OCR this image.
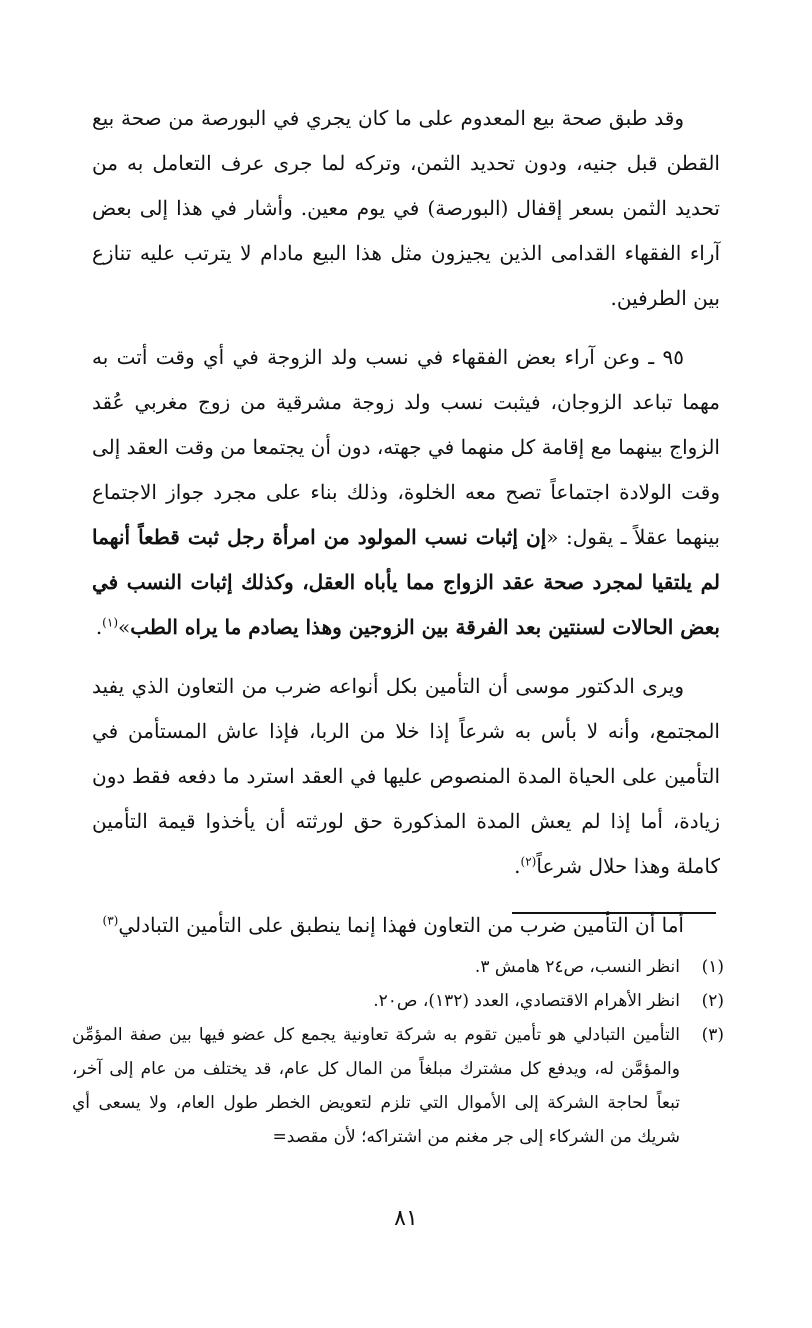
وقد طبق صحة بيع المعدوم على ما كان يجري في البورصة من صحة بيع القطن قبل جنيه، ودون تحديد الثمن، وتركه لما جرى عرف التعامل به من تحديد الثمن بسعر إقفال (البورصة) في يوم معين. وأشار في هذا إلى بعض آراء الفقهاء القدامى الذين يجيزون مثل هذا البيع مادام لا يترتب عليه تنازع بين الطرفين.

٩٥ ـ وعن آراء بعض الفقهاء في نسب ولد الزوجة في أي وقت أتت به مهما تباعد الزوجان، فيثبت نسب ولد زوجة مشرقية من زوج مغربي عُقد الزواج بينهما مع إقامة كل منهما في جهته، دون أن يجتمعا من وقت العقد إلى وقت الولادة اجتماعاً تصح معه الخلوة، وذلك بناء على مجرد جواز الاجتماع بينهما عقلاً ـ يقول: «إن إثبات نسب المولود من امرأة رجل ثبت قطعاً أنهما لم يلتقيا لمجرد صحة عقد الزواج مما يأباه العقل، وكذلك إثبات النسب في بعض الحالات لسنتين بعد الفرقة بين الزوجين وهذا يصادم ما يراه الطب»$^{(١)}$.

ويرى الدكتور موسى أن التأمين بكل أنواعه ضرب من التعاون الذي يفيد المجتمع، وأنه لا بأس به شرعاً إذا خلا من الربا، فإذا عاش المستأمن في التأمين على الحياة المدة المنصوص عليها في العقد استرد ما دفعه فقط دون زيادة، أما إذا لم يعش المدة المذكورة حق لورثته أن يأخذوا قيمة التأمين كاملة وهذا حلال شرعاً$^{(٢)}$.

أما أن التأمين ضرب من التعاون فهذا إنما ينطبق على التأمين التبادلي$^{(٣)}$

(١)
انظر النسب، ص٢٤ هامش ٣.
(٢)
انظر الأهرام الاقتصادي، العدد (١٣٢)، ص٢٠.
(٣)
التأمين التبادلي هو تأمين تقوم به شركة تعاونية يجمع كل عضو فيها بين صفة المؤمِّن والمؤمَّن له، ويدفع كل مشترك مبلغاً من المال كل عام، قد يختلف من عام إلى آخر، تبعاً لحاجة الشركة إلى الأموال التي تلزم لتعويض الخطر طول العام، ولا يسعى أي شريك من الشركاء إلى جر مغنم من اشتراكه؛ لأن مقصد=
٨١
